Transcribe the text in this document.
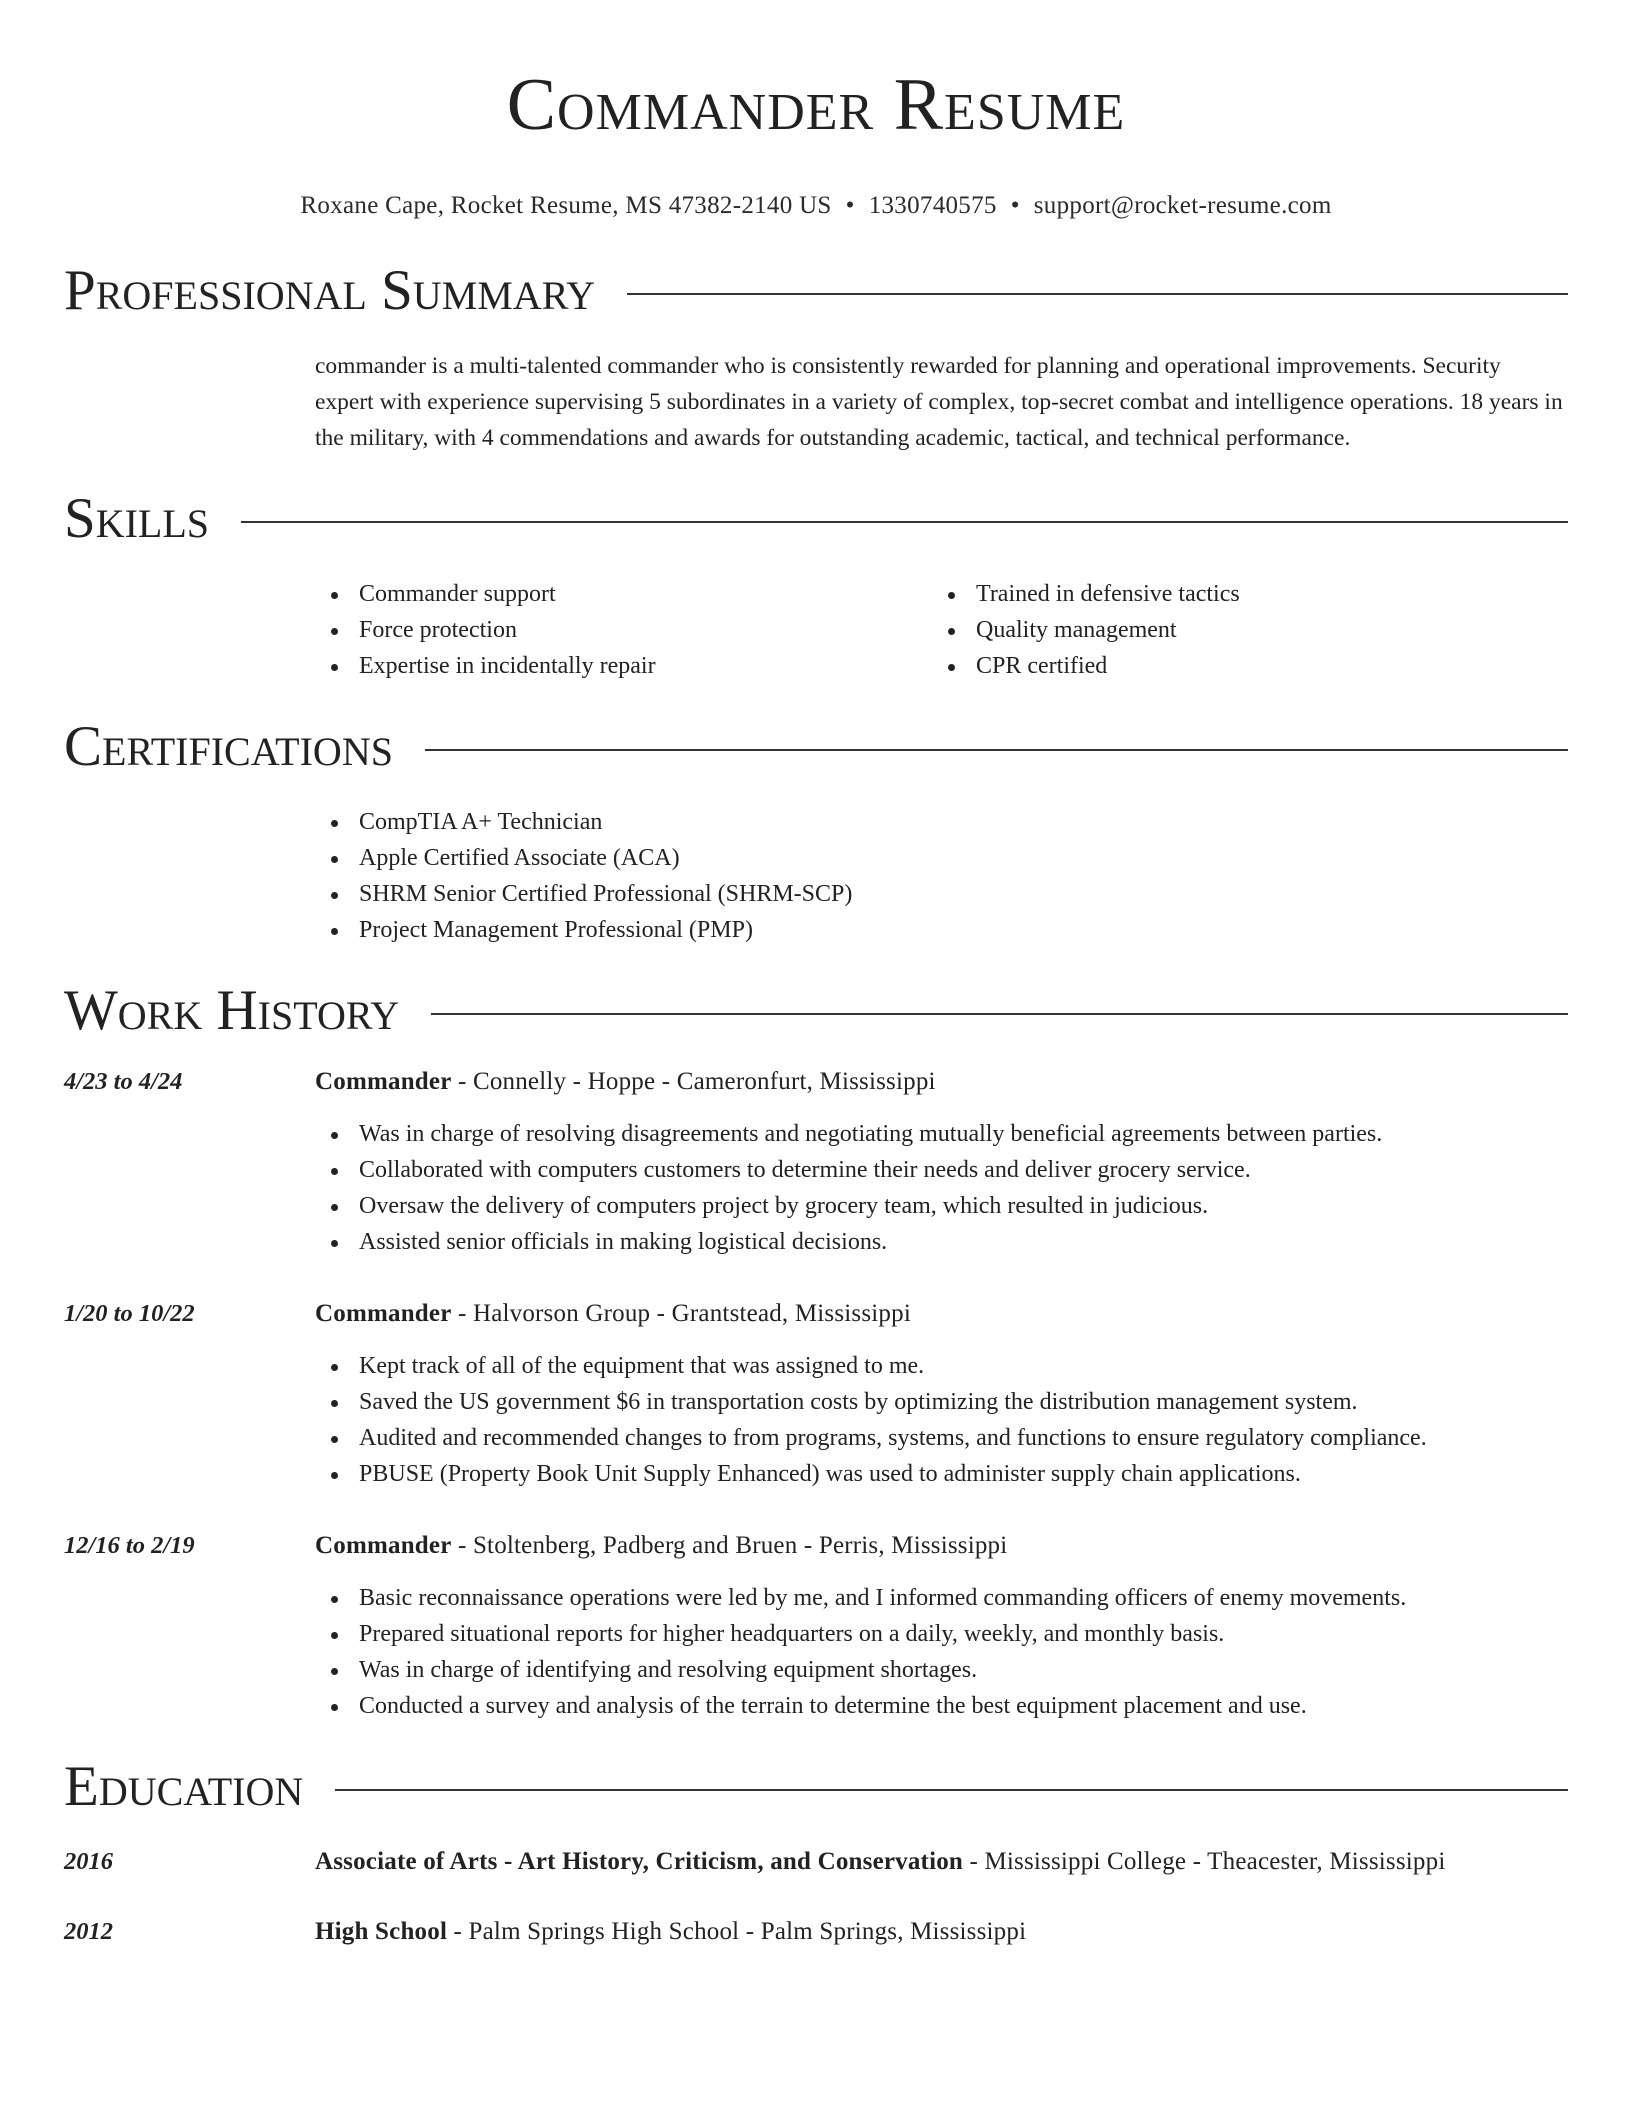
Commander Resume
Roxane Cape, Rocket Resume, MS 47382-2140 US • 1330740575 • support@rocket-resume.com
Professional Summary
commander is a multi-talented commander who is consistently rewarded for planning and operational improvements. Security expert with experience supervising 5 subordinates in a variety of complex, top-secret combat and intelligence operations. 18 years in the military, with 4 commendations and awards for outstanding academic, tactical, and technical performance.
Skills
Commander support
Force protection
Expertise in incidentally repair
Trained in defensive tactics
Quality management
CPR certified
Certifications
CompTIA A+ Technician
Apple Certified Associate (ACA)
SHRM Senior Certified Professional (SHRM-SCP)
Project Management Professional (PMP)
Work History
4/23 to 4/24	Commander - Connelly - Hoppe - Cameronfurt, Mississippi
Was in charge of resolving disagreements and negotiating mutually beneficial agreements between parties.
Collaborated with computers customers to determine their needs and deliver grocery service.
Oversaw the delivery of computers project by grocery team, which resulted in judicious.
Assisted senior officials in making logistical decisions.
1/20 to 10/22	Commander - Halvorson Group - Grantstead, Mississippi
Kept track of all of the equipment that was assigned to me.
Saved the US government $6 in transportation costs by optimizing the distribution management system.
Audited and recommended changes to from programs, systems, and functions to ensure regulatory compliance.
PBUSE (Property Book Unit Supply Enhanced) was used to administer supply chain applications.
12/16 to 2/19	Commander - Stoltenberg, Padberg and Bruen - Perris, Mississippi
Basic reconnaissance operations were led by me, and I informed commanding officers of enemy movements.
Prepared situational reports for higher headquarters on a daily, weekly, and monthly basis.
Was in charge of identifying and resolving equipment shortages.
Conducted a survey and analysis of the terrain to determine the best equipment placement and use.
Education
2016	Associate of Arts - Art History, Criticism, and Conservation - Mississippi College - Theacester, Mississippi
2012	High School - Palm Springs High School - Palm Springs, Mississippi
